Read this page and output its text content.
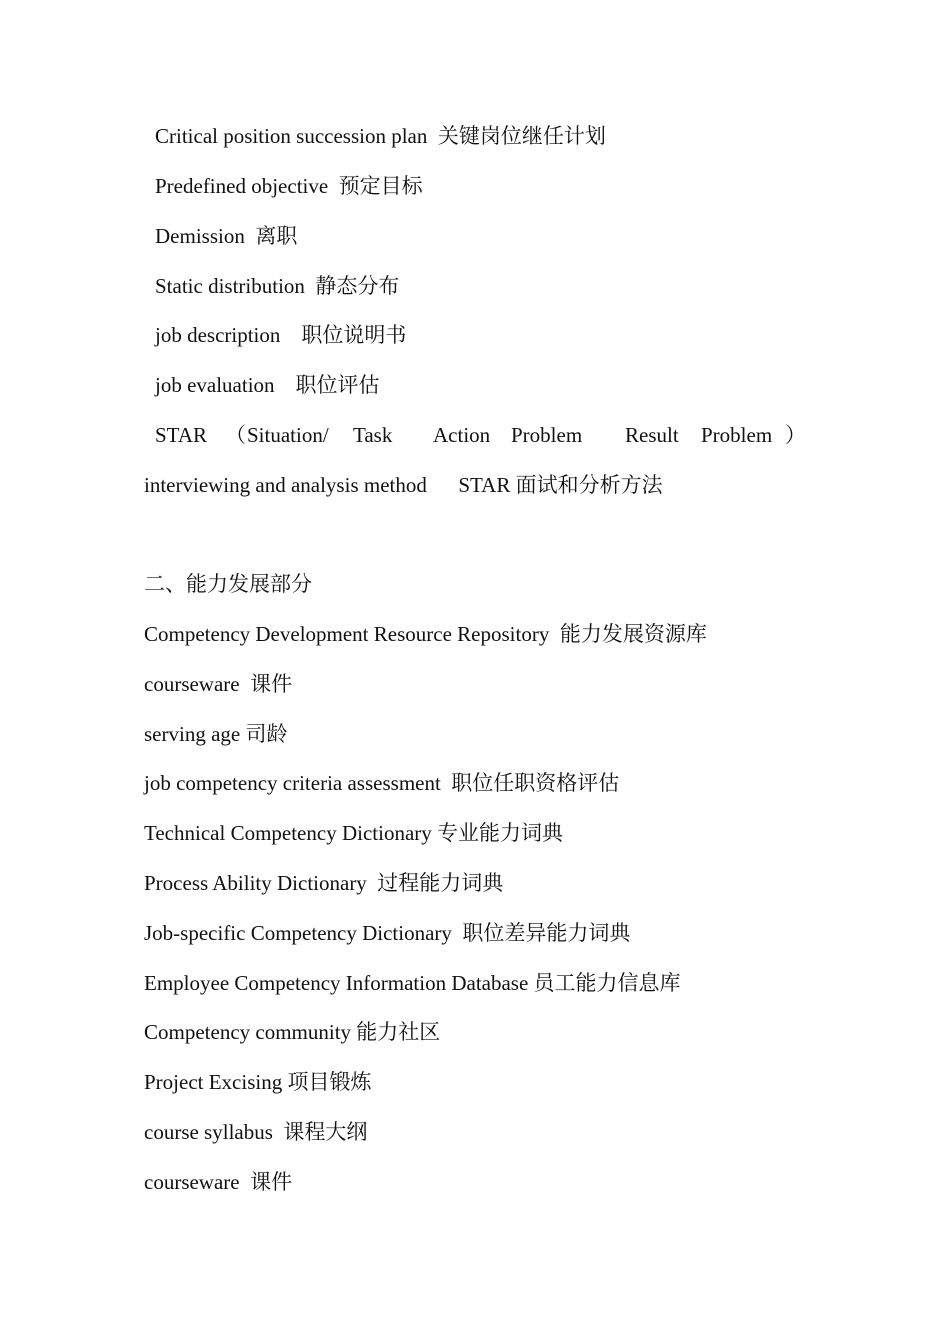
Critical position succession plan  关键岗位继任计划
Predefined objective  预定目标
Demission  离职
Static distribution  静态分布
job description    职位说明书
job evaluation    职位评估

STAR

（

Situation/

Task

Action

Problem

Result

Problem

）

interviewing and analysis method      STAR 面试和分析方法
二、能力发展部分
Competency Development Resource Repository  能力发展资源库
courseware  课件
serving age 司龄
job competency criteria assessment  职位任职资格评估
Technical Competency Dictionary 专业能力词典
Process Ability Dictionary  过程能力词典
Job-specific Competency Dictionary  职位差异能力词典
Employee Competency Information Database 员工能力信息库
Competency community 能力社区
Project Excising 项目锻炼
course syllabus  课程大纲
courseware  课件
